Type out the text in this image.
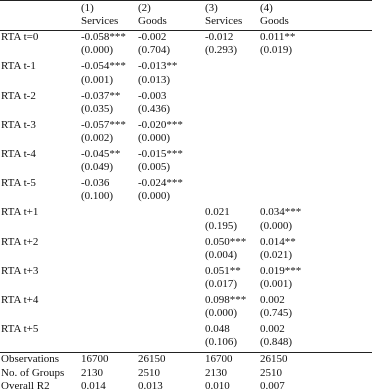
	(1)	(2)	(3)	(4)
	Services	Goods	Services	Goods
RTA t=0	-0.058***	-0.002	-0.012	0.011**
	(0.000)	(0.704)	(0.293)	(0.019)
RTA t-1	-0.054***	-0.013**		
	(0.001)	(0.013)		
RTA t-2	-0.037**	-0.003		
	(0.035)	(0.436)		
RTA t-3	-0.057***	-0.020***		
	(0.002)	(0.000)		
RTA t-4	-0.045**	-0.015***		
	(0.049)	(0.005)		
RTA t-5	-0.036	-0.024***		
	(0.100)	(0.000)		
RTA t+1			0.021	0.034***
			(0.195)	(0.000)
RTA t+2			0.050***	0.014**
			(0.004)	(0.021)
RTA t+3			0.051**	0.019***
			(0.017)	(0.001)
RTA t+4			0.098***	0.002
			(0.000)	(0.745)
RTA t+5			0.048	0.002
			(0.106)	(0.848)
Observations	16700	26150	16700	26150
No. of Groups	2130	2510	2130	2510
Overall R2	0.014	0.013	0.010	0.007
